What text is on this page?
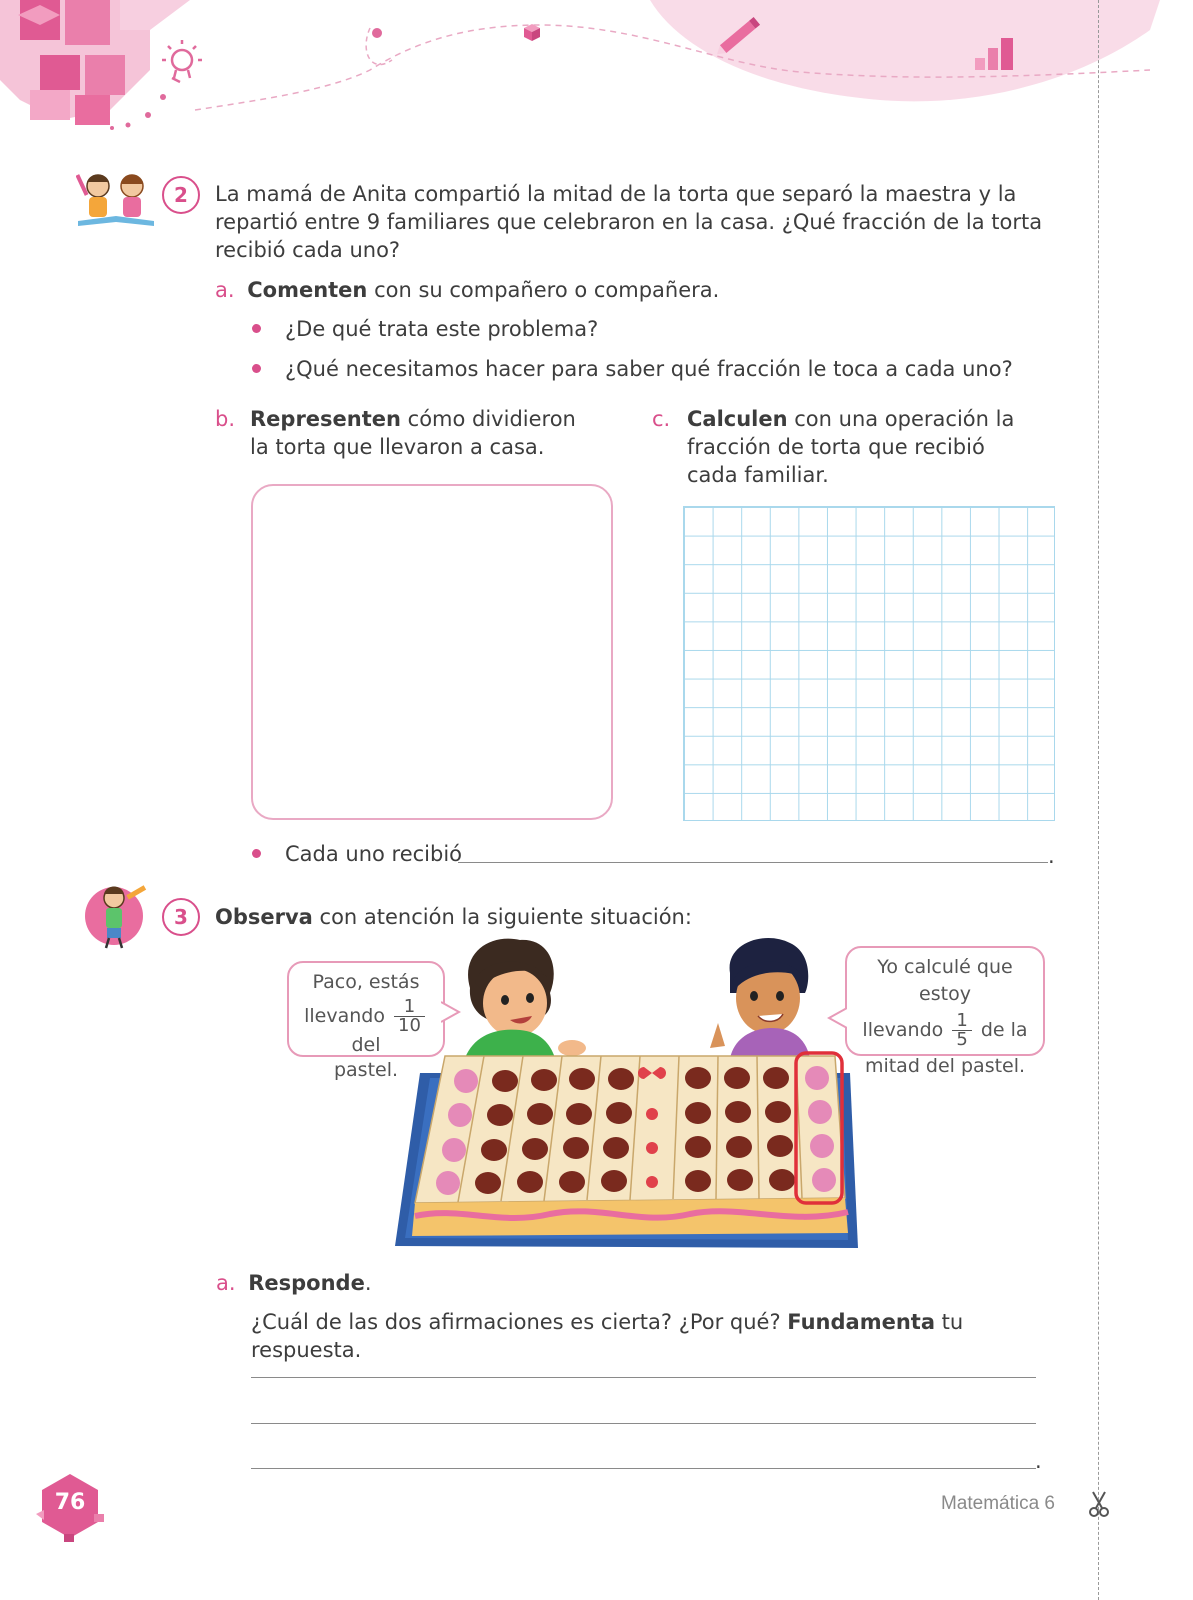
2	La mamá de Anita compartió la mitad de la torta que separó la maestra y la repartió entre 9 familiares que celebraron en la casa. ¿Qué fracción de la torta recibió cada uno?

a. Comenten con su compañero o compañera.

¿De qué trata este problema?

¿Qué necesitamos hacer para saber qué fracción le toca a cada uno?

b. Representen cómo dividieron la torta que llevaron a casa.

c. Calculen con una operación la fracción de torta que recibió cada familiar.

Cada uno recibió	.
3	Observa con atención la siguiente situación:

Paco, estás
llevando $\frac{1}{10}$
del
pastel.
Yo calculé que estoy
llevando $\frac{1}{5}$ de la
mitad del pastel.
a. Responde.

¿Cuál de las dos afirmaciones es cierta? ¿Por qué? Fundamenta tu respuesta.

.
76	Matemática 6
